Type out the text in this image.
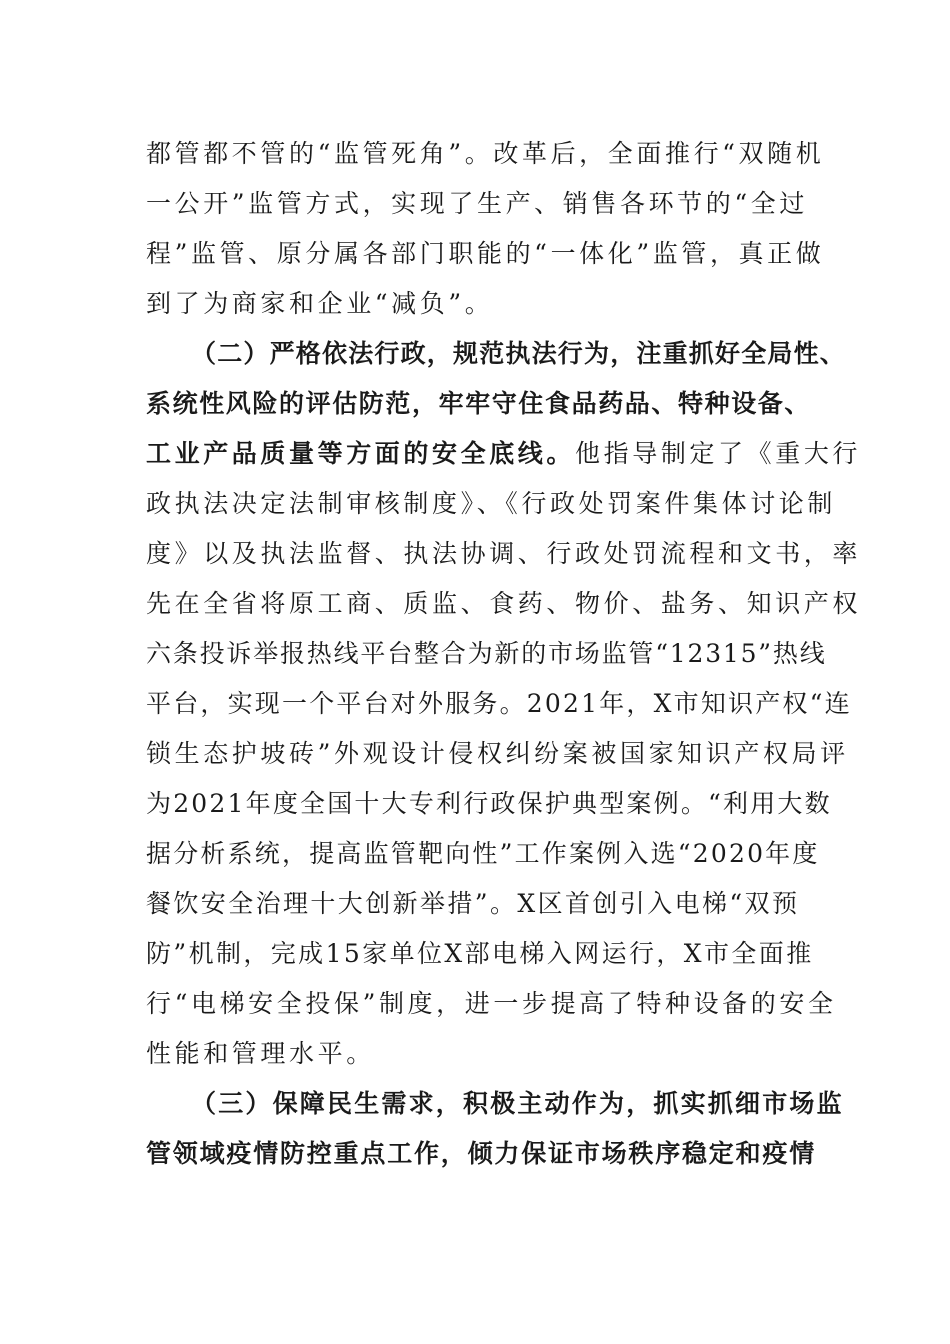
都管都不管的“监管死角”。改革后，全面推行“双随机
一公开”监管方式，实现了生产、销售各环节的“全过
程”监管、原分属各部门职能的“一体化”监管，真正做
到了为商家和企业“减负”。
（二）严格依法行政，规范执法行为，注重抓好全局性、
系统性风险的评估防范，牢牢守住食品药品、特种设备、
工业产品质量等方面的安全底线。他指导制定了《重大行
政执法决定法制审核制度》、《行政处罚案件集体讨论制
度》以及执法监督、执法协调、行政处罚流程和文书，率
先在全省将原工商、质监、食药、物价、盐务、知识产权
六条投诉举报热线平台整合为新的市场监管“12315”热线
平台，实现一个平台对外服务。2021年，X市知识产权“连
锁生态护坡砖”外观设计侵权纠纷案被国家知识产权局评
为2021年度全国十大专利行政保护典型案例。“利用大数
据分析系统，提高监管靶向性”工作案例入选“2020年度
餐饮安全治理十大创新举措”。X区首创引入电梯“双预
防”机制，完成15家单位X部电梯入网运行，X市全面推
行“电梯安全投保”制度，进一步提高了特种设备的安全
性能和管理水平。
（三）保障民生需求，积极主动作为，抓实抓细市场监
管领域疫情防控重点工作，倾力保证市场秩序稳定和疫情
